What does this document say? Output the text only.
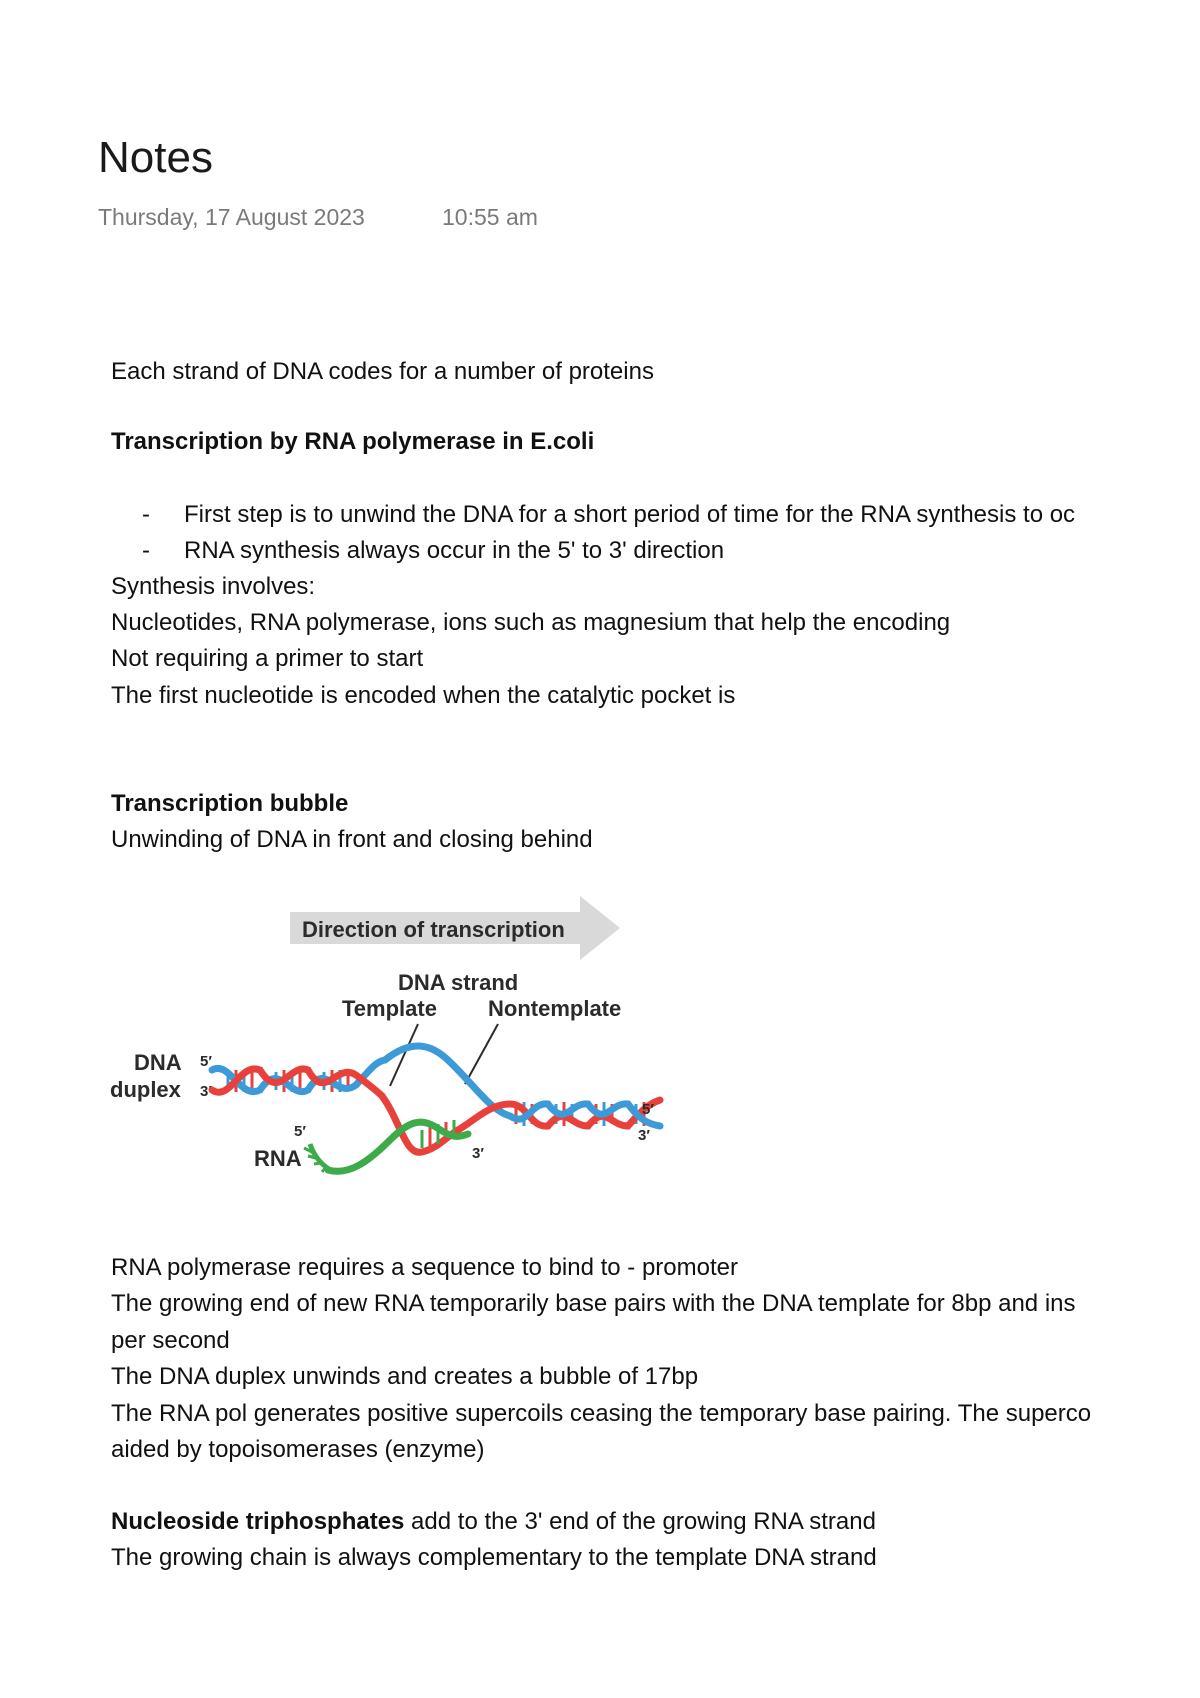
Notes
Thursday, 17 August 2023	10:55 am
Each strand of DNA codes for a number of proteins
Transcription by RNA polymerase in E.coli
- First step is to unwind the DNA for a short period of time for the RNA synthesis to oc
- RNA synthesis always occur in the 5' to 3' direction
Synthesis involves:
Nucleotides, RNA polymerase, ions such as magnesium that help the encoding
Not requiring a primer to start
The first nucleotide is encoded when the catalytic pocket is
Transcription bubble
Unwinding of DNA in front and closing behind
Direction of transcription
DNA strand
Template Nontemplate
DNA
duplex
5′
3′
5′
RNA	3′
5′
3′
RNA polymerase requires a sequence to bind to - promoter
The growing end of new RNA temporarily base pairs with the DNA template for 8bp and ins
per second
The DNA duplex unwinds and creates a bubble of 17bp
The RNA pol generates positive supercoils ceasing the temporary base pairing. The superco
aided by topoisomerases (enzyme)
Nucleoside triphosphates add to the 3' end of the growing RNA strand
The growing chain is always complementary to the template DNA strand
